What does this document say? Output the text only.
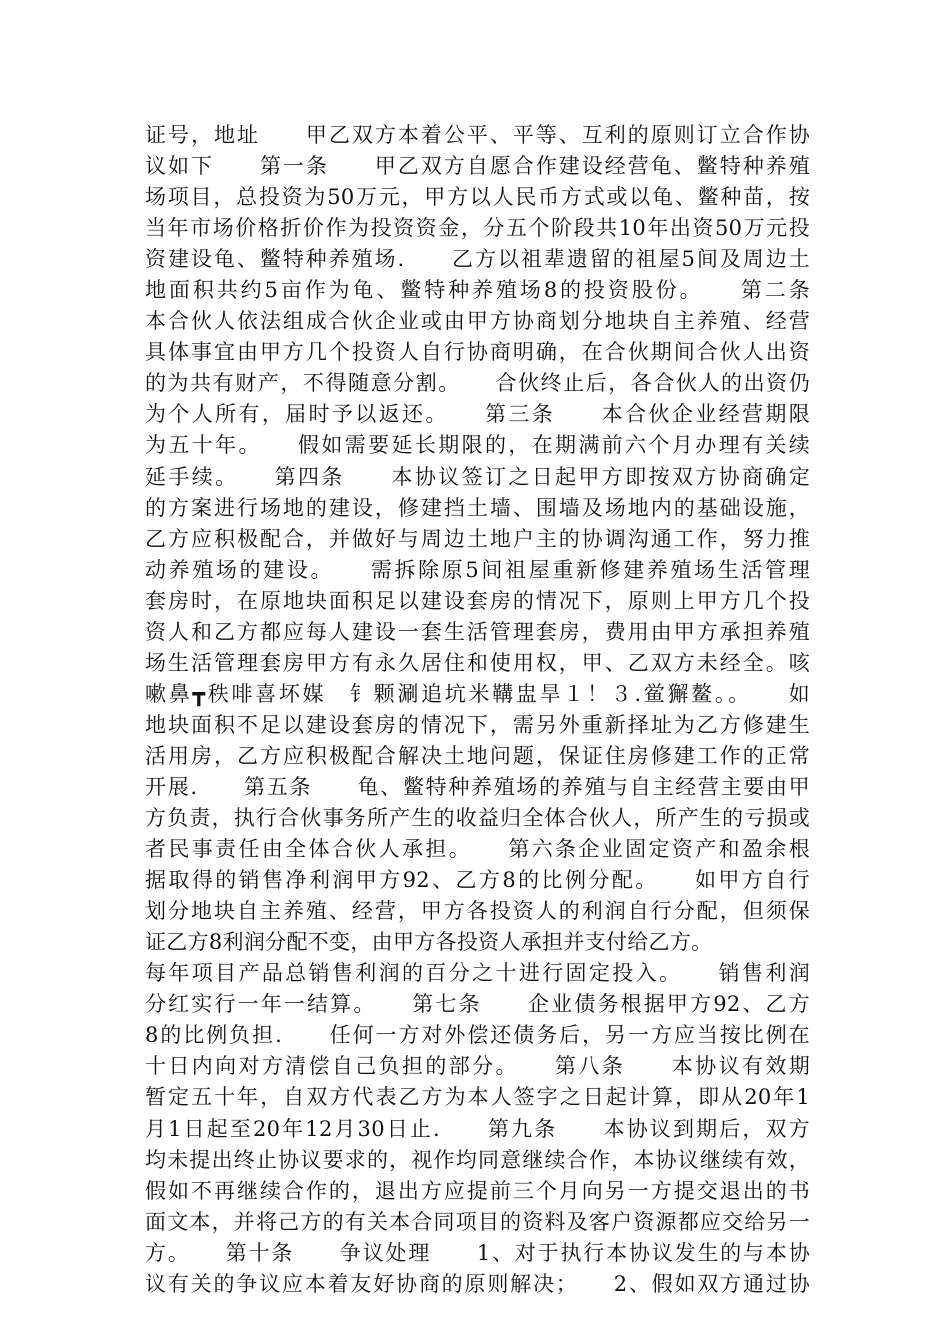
证号，地址　　甲乙双方本着公平、平等、互利的原则订立合作协
议如下　　第一条　　甲乙双方自愿合作建设经营龟、鳖特种养殖
场项目，总投资为50万元，甲方以人民币方式或以龟、鳖种苗，按
当年市场价格折价作为投资资金，分五个阶段共10年出资50万元投
资建设龟、鳖特种养殖场.　　乙方以祖辈遗留的祖屋5间及周边土
地面积共约5亩作为龟、鳖特种养殖场8的投资股份。　　第二条
本合伙人依法组成合伙企业或由甲方协商划分地块自主养殖、经营
具体事宜由甲方几个投资人自行协商明确，在合伙期间合伙人出资
的为共有财产，不得随意分割。　　合伙终止后，各合伙人的出资仍
为个人所有，届时予以返还。　　第三条　　本合伙企业经营期限
为五十年。　　假如需要延长期限的，在期满前六个月办理有关续
延手续。　　第四条　　本协议签订之日起甲方即按双方协商确定
的方案进行场地的建设，修建挡土墙、围墙及场地内的基础设施，
乙方应积极配合，并做好与周边土地户主的协调沟通工作，努力推
动养殖场的建设。　　需拆除原5间祖屋重新修建养殖场生活管理
套房时，在原地块面积足以建设套房的情况下，原则上甲方几个投
资人和乙方都应每人建设一套生活管理套房，费用由甲方承担养殖
场生活管理套房甲方有永久居住和使用权，甲、乙双方未经全。咳
嗽鼻┳秩啡喜坏媒　钅颗涮追坑米鞲盅旱１！３.鲎獬鳌。。　　如
地块面积不足以建设套房的情况下，需另外重新择址为乙方修建生
活用房，乙方应积极配合解决土地问题，保证住房修建工作的正常
开展.　　第五条　　龟、鳖特种养殖场的养殖与自主经营主要由甲
方负责，执行合伙事务所产生的收益归全体合伙人，所产生的亏损或
者民事责任由全体合伙人承担。　　第六条企业固定资产和盈余根
据取得的销售净利润甲方92、乙方8的比例分配。　　如甲方自行
划分地块自主养殖、经营，甲方各投资人的利润自行分配，但须保
证乙方8利润分配不变，由甲方各投资人承担并支付给乙方。
每年项目产品总销售利润的百分之十进行固定投入。　　销售利润
分红实行一年一结算。　　第七条　　企业债务根据甲方92、乙方
8的比例负担.　　任何一方对外偿还债务后，另一方应当按比例在
十日内向对方清偿自己负担的部分。　　第八条　　本协议有效期
暂定五十年，自双方代表乙方为本人签字之日起计算，即从20年1
月1日起至20年12月30日止.　　第九条　　本协议到期后，双方
均未提出终止协议要求的，视作均同意继续合作，本协议继续有效，
假如不再继续合作的，退出方应提前三个月向另一方提交退出的书
面文本，并将己方的有关本合同项目的资料及客户资源都应交给另一
方。　　第十条　　争议处理　　1、对于执行本协议发生的与本协
议有关的争议应本着友好协商的原则解决；　　2、假如双方通过协
